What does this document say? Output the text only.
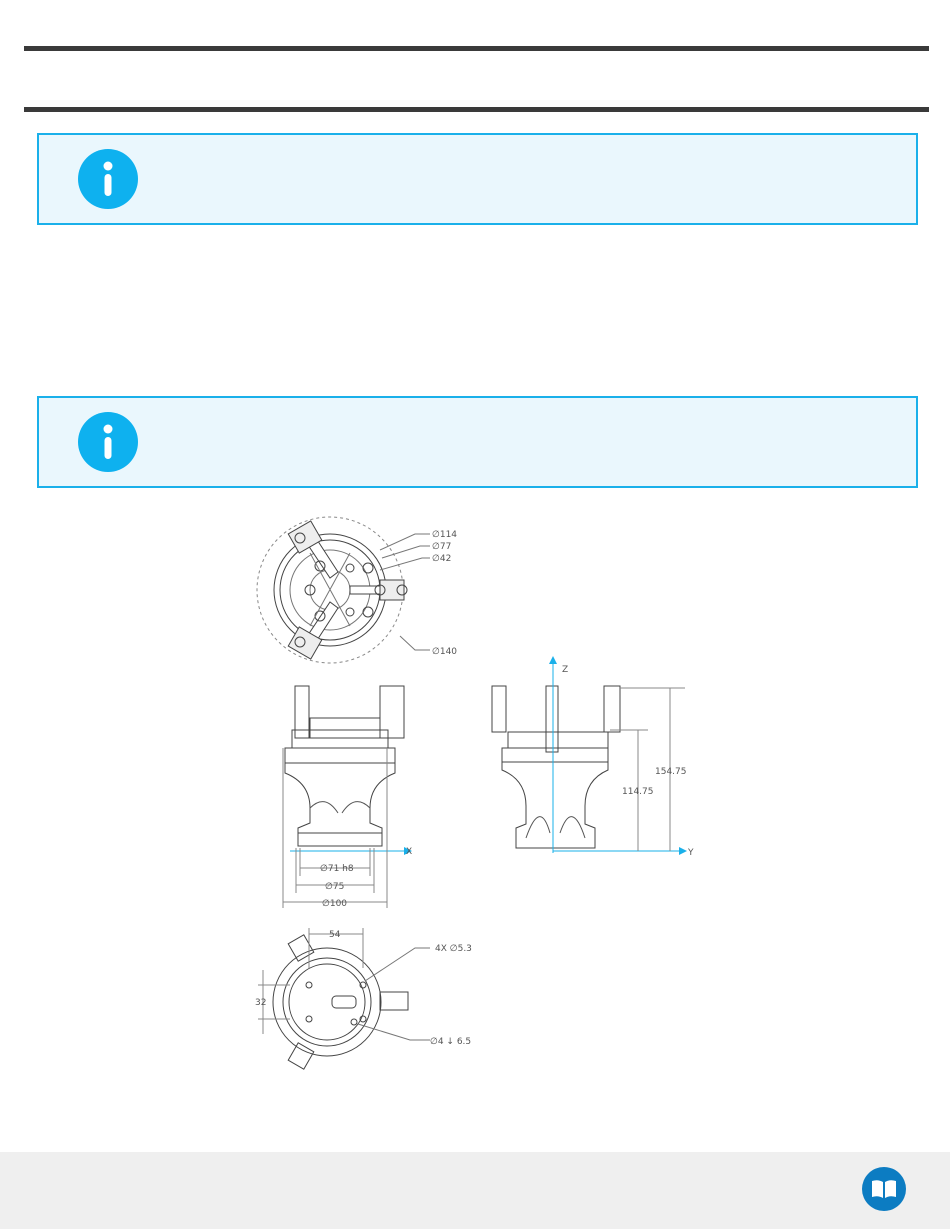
∅114
∅77
∅42
∅140
X
∅71 h8
∅75
∅100
Z
Y
114.75
154.75
54
32
4X ∅5.3
∅4 ↓ 6.5
